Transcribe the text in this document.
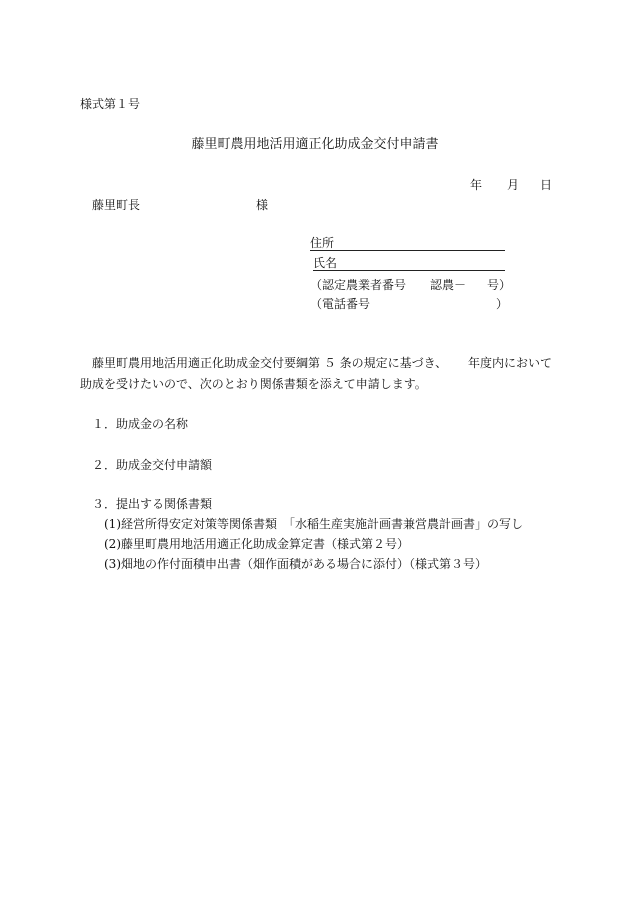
様式第１号
藤里町農用地活用適正化助成金交付申請書
年 月 日
藤里町長	様
住所
氏名
（認定農業者番号 認農－ 号）
（電話番号	）
藤里町農用地活用適正化助成金交付要綱第 ５ 条の規定に基づき、 年度内において
助成を受けたいので、次のとおり関係書類を添えて申請します。
１．助成金の名称
２．助成金交付申請額
３．提出する関係書類
(1)経営所得安定対策等関係書類　「水稲生産実施計画書兼営農計画書」の写し
(2)藤里町農用地活用適正化助成金算定書（様式第２号）
(3)畑地の作付面積申出書（畑作面積がある場合に添付）（様式第３号）
